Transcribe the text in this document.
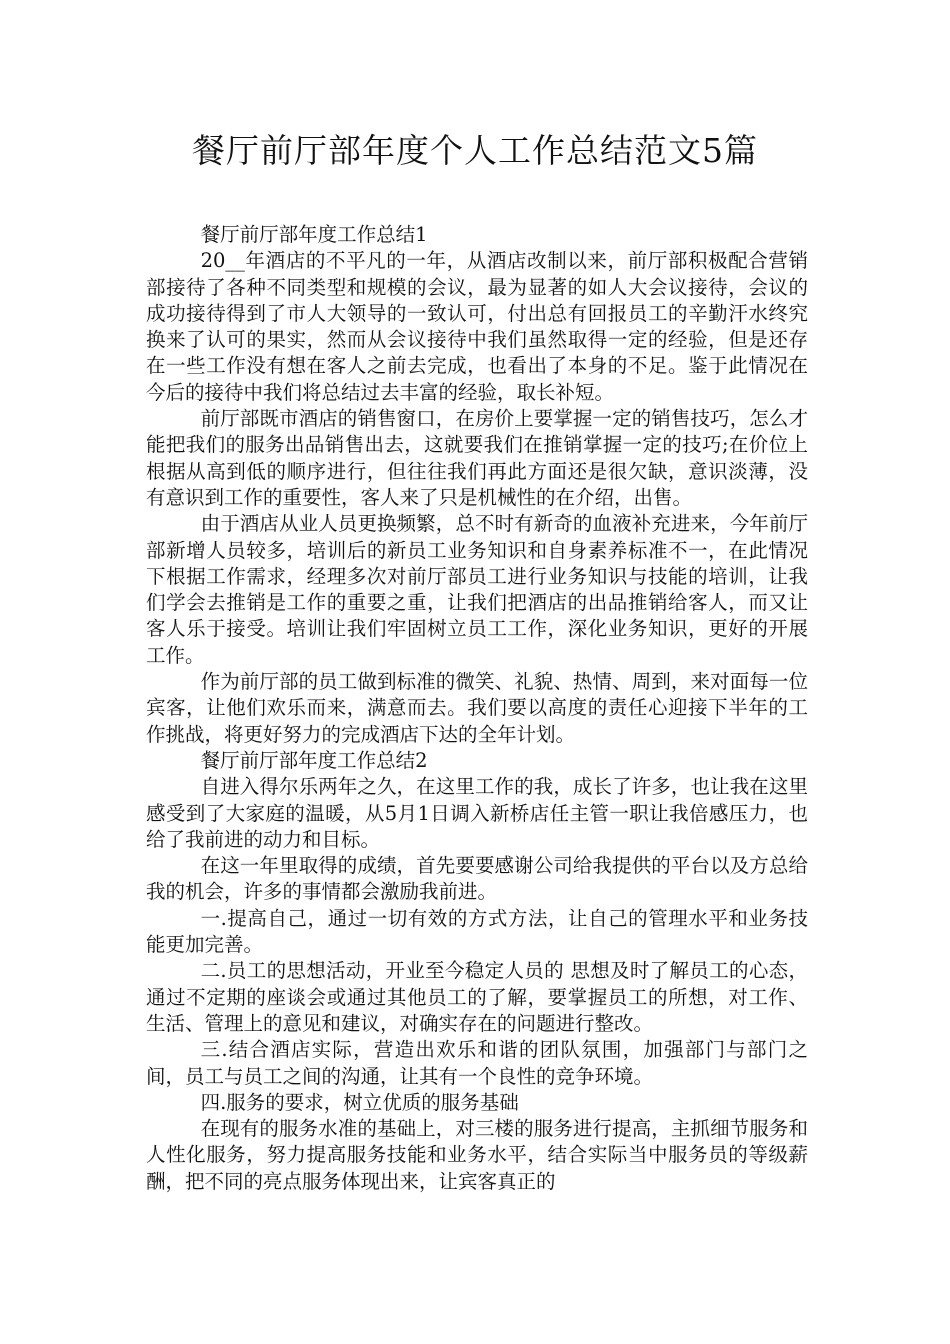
餐厅前厅部年度个人工作总结范文5篇

餐厅前厅部年度工作总结1

20__年酒店的不平凡的一年，从酒店改制以来，前厅部积极配合营销部接待了各种不同类型和规模的会议，最为显著的如人大会议接待，会议的成功接待得到了市人大领导的一致认可，付出总有回报员工的辛勤汗水终究换来了认可的果实，然而从会议接待中我们虽然取得一定的经验，但是还存在一些工作没有想在客人之前去完成，也看出了本身的不足。鉴于此情况在今后的接待中我们将总结过去丰富的经验，取长补短。

前厅部既市酒店的销售窗口，在房价上要掌握一定的销售技巧，怎么才能把我们的服务出品销售出去，这就要我们在推销掌握一定的技巧;在价位上根据从高到低的顺序进行，但往往我们再此方面还是很欠缺，意识淡薄，没有意识到工作的重要性，客人来了只是机械性的在介绍，出售。

由于酒店从业人员更换频繁，总不时有新奇的血液补充进来，今年前厅部新增人员较多，培训后的新员工业务知识和自身素养标准不一，在此情况下根据工作需求，经理多次对前厅部员工进行业务知识与技能的培训，让我们学会去推销是工作的重要之重，让我们把酒店的出品推销给客人，而又让客人乐于接受。培训让我们牢固树立员工工作，深化业务知识，更好的开展工作。

作为前厅部的员工做到标准的微笑、礼貌、热情、周到，来对面每一位宾客，让他们欢乐而来，满意而去。我们要以高度的责任心迎接下半年的工作挑战，将更好努力的完成酒店下达的全年计划。

餐厅前厅部年度工作总结2

自进入得尔乐两年之久，在这里工作的我，成长了许多，也让我在这里感受到了大家庭的温暖，从5月1日调入新桥店任主管一职让我倍感压力，也给了我前进的动力和目标。

在这一年里取得的成绩，首先要要感谢公司给我提供的平台以及方总给我的机会，许多的事情都会激励我前进。

一.提高自己，通过一切有效的方式方法，让自己的管理水平和业务技能更加完善。

二.员工的思想活动，开业至今稳定人员的 思想及时了解员工的心态，通过不定期的座谈会或通过其他员工的了解，要掌握员工的所想，对工作、生活、管理上的意见和建议，对确实存在的问题进行整改。

三.结合酒店实际，营造出欢乐和谐的团队氛围，加强部门与部门之间，员工与员工之间的沟通，让其有一个良性的竞争环境。

四.服务的要求，树立优质的服务基础

在现有的服务水准的基础上，对三楼的服务进行提高，主抓细节服务和人性化服务，努力提高服务技能和业务水平，结合实际当中服务员的等级薪酬，把不同的亮点服务体现出来，让宾客真正的
